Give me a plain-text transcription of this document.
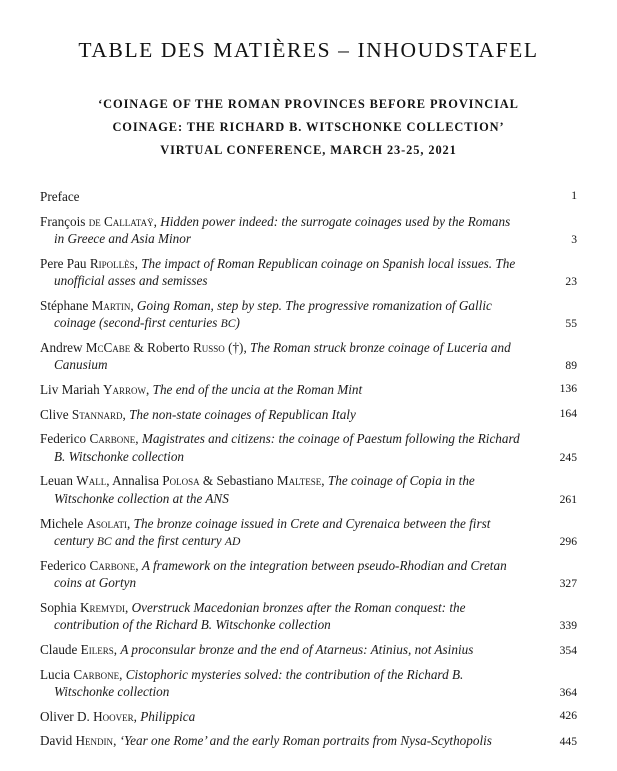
TABLE DES MATIÈRES – INHOUDSTAFEL
‘COINAGE OF THE ROMAN PROVINCES BEFORE PROVINCIAL
COINAGE: THE RICHARD B. WITSCHONKE COLLECTION’
VIRTUAL CONFERENCE, MARCH 23-25, 2021
Preface	1
François de Callataÿ, Hidden power indeed: the surrogate coinages used by the Romans in Greece and Asia Minor	3
Pere Pau Ripollès, The impact of Roman Republican coinage on Spanish local issues. The unofficial asses and semisses	23
Stéphane Martin, Going Roman, step by step. The progressive romanization of Gallic coinage (second-first centuries BC)	55
Andrew McCabe & Roberto Russo (†), The Roman struck bronze coinage of Luceria and Canusium	89
Liv Mariah Yarrow, The end of the uncia at the Roman Mint	136
Clive Stannard, The non-state coinages of Republican Italy	164
Federico Carbone, Magistrates and citizens: the coinage of Paestum following the Richard B. Witschonke collection	245
Leuan Wall, Annalisa Polosa & Sebastiano Maltese, The coinage of Copia in the Witschonke collection at the ANS	261
Michele Asolati, The bronze coinage issued in Crete and Cyrenaica between the first century BC and the first century AD	296
Federico Carbone, A framework on the integration between pseudo-Rhodian and Cretan coins at Gortyn	327
Sophia Kremydi, Overstruck Macedonian bronzes after the Roman conquest: the contribution of the Richard B. Witschonke collection	339
Claude Eilers, A proconsular bronze and the end of Atarneus: Atinius, not Asinius	354
Lucia Carbone, Cistophoric mysteries solved: the contribution of the Richard B. Witschonke collection	364
Oliver D. Hoover, Philippica	426
David Hendin, ‘Year one Rome’ and the early Roman portraits from Nysa-Scythopolis	445
